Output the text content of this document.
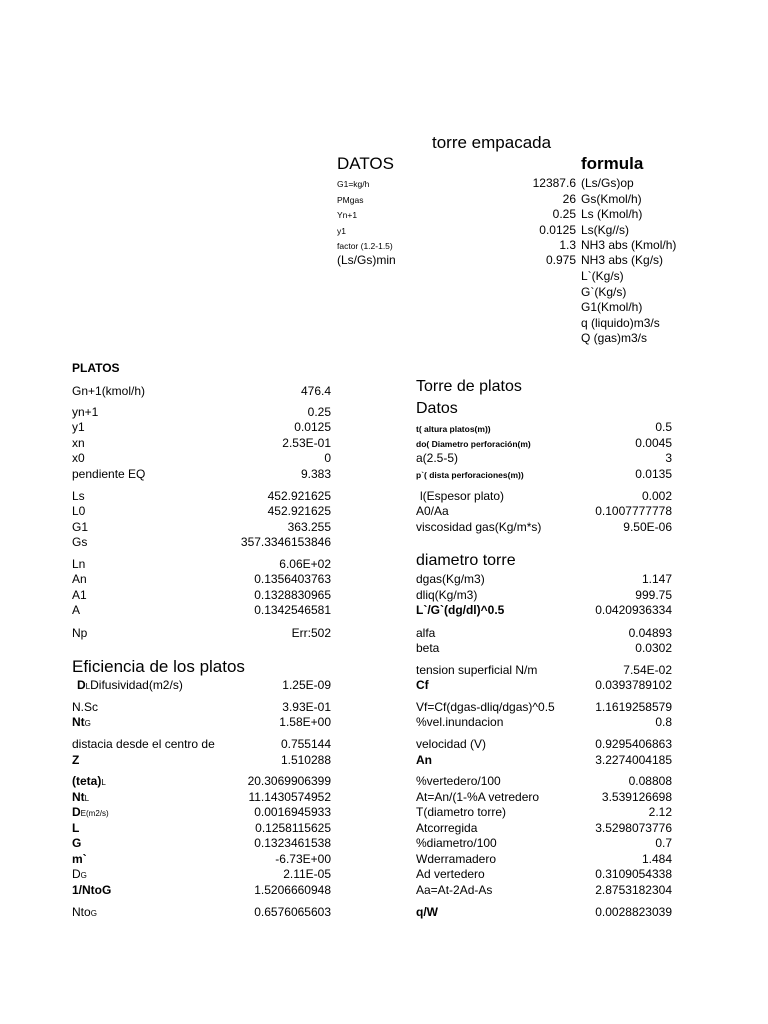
torre empacada
DATOS	formula
G1=kg/h	12387.6 (Ls/Gs)op
PMgas	26 Gs(Kmol/h)
Yn+1	0.25 Ls (Kmol/h)
y1	0.0125 Ls(Kg//s)
factor (1.2-1.5)	1.3 NH3 abs (Kmol/h)
(Ls/Gs)min	0.975 NH3 abs (Kg/s)
L`(Kg/s)
G`(Kg/s)
G1(Kmol/h)
q (liquido)m3/s
Q (gas)m3/s
PLATOS
Gn+1(kmol/h)	476.4
yn+1	0.25
y1	0.0125
xn	2.53E-01
x0	0
pendiente EQ	9.383
Ls	452.921625
L0	452.921625
G1	363.255
Gs	357.3346153846
Ln	6.06E+02
An	0.1356403763
A1	0.1328830965
A	0.1342546581
Np	Err:502
Eficiencia de los platos
DLDifusividad(m2/s)	1.25E-09
N.Sc	3.93E-01
NtG	1.58E+00
distacia desde el centro de	0.755144
Z	1.510288
(teta)L	20.3069906399
NtL	11.1430574952
DE(m2/s)	0.0016945933
L	0.1258115625
G	0.1323461538
m`	-6.73E+00
DG	2.11E-05
1/NtoG	1.5206660948
NtoG	0.6576065603
Torre de platos
Datos
t( altura platos(m))	0.5
do( Diametro perforación(m)	0.0045
a(2.5-5)	3
p`( dista perforaciones(m))	0.0135
l(Espesor plato)	0.002
A0/Aa	0.1007777778
viscosidad gas(Kg/m*s)	9.50E-06
diametro torre
dgas(Kg/m3)	1.147
dliq(Kg/m3)	999.75
L`/G`(dg/dl)^0.5	0.0420936334
alfa	0.04893
beta	0.0302
tension superficial N/m	7.54E-02
Cf	0.0393789102
Vf=Cf(dgas-dliq/dgas)^0.5	1.1619258579
%vel.inundacion	0.8
velocidad (V)	0.9295406863
An	3.2274004185
%vertedero/100	0.08808
At=An/(1-%A vetredero	3.539126698
T(diametro torre)	2.12
Atcorregida	3.5298073776
%diametro/100	0.7
Wderramadero	1.484
Ad vertedero	0.3109054338
Aa=At-2Ad-As	2.8753182304
q/W	0.0028823039
